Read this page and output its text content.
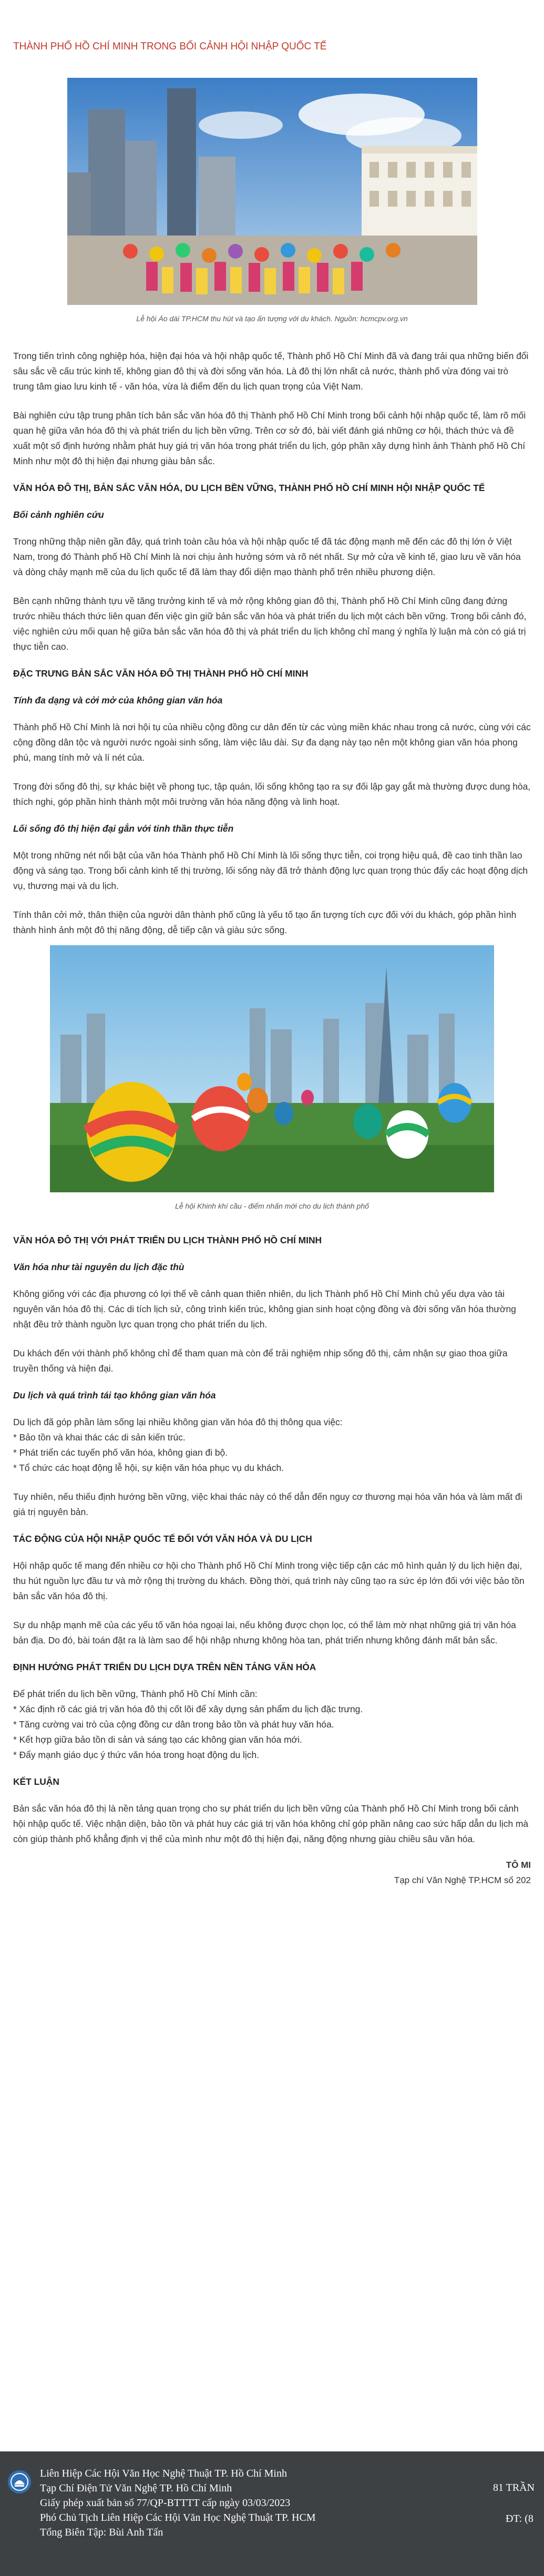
THÀNH PHỐ HỒ CHÍ MINH TRONG BỐI CẢNH HỘI NHẬP QUỐC TẾ

Lễ hội Áo dài TP.HCM thu hút và tạo ấn tượng với du khách. Nguồn: hcmcpv.org.vn

Trong tiến trình công nghiệp hóa, hiện đại hóa và hội nhập quốc tế, Thành phố Hồ Chí Minh đã và đang trải qua những biến đổi sâu sắc về cấu trúc kinh tế, không gian đô thị và đời sống văn hóa. Là đô thị lớn nhất cả nước, thành phố vừa đóng vai trò trung tâm giao lưu kinh tế - văn hóa, vừa là điểm đến du lịch quan trọng của Việt Nam.

Bài nghiên cứu tập trung phân tích bản sắc văn hóa đô thị Thành phố Hồ Chí Minh trong bối cảnh hội nhập quốc tế, làm rõ mối quan hệ giữa văn hóa đô thị và phát triển du lịch bền vững. Trên cơ sở đó, bài viết đánh giá những cơ hội, thách thức và đề xuất một số định hướng nhằm phát huy giá trị văn hóa trong phát triển du lịch, góp phần xây dựng hình ảnh Thành phố Hồ Chí Minh như một đô thị hiện đại nhưng giàu bản sắc.

VĂN HÓA ĐÔ THỊ, BẢN SẮC VĂN HÓA, DU LỊCH BỀN VỮNG, THÀNH PHỐ HỒ CHÍ MINH HỘI NHẬP QUỐC TẾ
Bối cảnh nghiên cứu

Trong những thập niên gần đây, quá trình toàn cầu hóa và hội nhập quốc tế đã tác động mạnh mẽ đến các đô thị lớn ở Việt Nam, trong đó Thành phố Hồ Chí Minh là nơi chịu ảnh hưởng sớm và rõ nét nhất. Sự mở cửa về kinh tế, giao lưu về văn hóa và dòng chảy mạnh mẽ của du lịch quốc tế đã làm thay đổi diện mạo thành phố trên nhiều phương diện.

Bên cạnh những thành tựu về tăng trưởng kinh tế và mở rộng không gian đô thị, Thành phố Hồ Chí Minh cũng đang đứng trước nhiều thách thức liên quan đến việc gìn giữ bản sắc văn hóa và phát triển du lịch một cách bền vững. Trong bối cảnh đó, việc nghiên cứu mối quan hệ giữa bản sắc văn hóa đô thị và phát triển du lịch không chỉ mang ý nghĩa lý luận mà còn có giá trị thực tiễn cao.

ĐẶC TRƯNG BẢN SẮC VĂN HÓA ĐÔ THỊ THÀNH PHỐ HỒ CHÍ MINH
Tính đa dạng và cởi mở của không gian văn hóa

Thành phố Hồ Chí Minh là nơi hội tụ của nhiều cộng đồng cư dân đến từ các vùng miền khác nhau trong cả nước, cùng với các cộng đồng dân tộc và người nước ngoài sinh sống, làm việc lâu dài. Sự đa dạng này tạo nên một không gian văn hóa phong phú, mang tính mở và lí nét của.

Trong đời sống đô thị, sự khác biệt về phong tục, tập quán, lối sống không tạo ra sự đối lập gay gắt mà thường được dung hòa, thích nghi, góp phần hình thành một môi trường văn hóa năng động và linh hoạt.

Lối sống đô thị hiện đại gắn với tinh thần thực tiễn

Một trong những nét nổi bật của văn hóa Thành phố Hồ Chí Minh là lối sống thực tiễn, coi trọng hiệu quả, đề cao tinh thần lao động và sáng tạo. Trong bối cảnh kinh tế thị trường, lối sống này đã trở thành động lực quan trọng thúc đẩy các hoạt động dịch vụ, thương mại và du lịch.

Tính thân cởi mở, thân thiện của người dân thành phố cũng là yếu tố tạo ấn tượng tích cực đối với du khách, góp phần hình thành hình ảnh một đô thị năng động, dễ tiếp cận và giàu sức sống.

Lễ hội Khinh khí cầu - điểm nhấn mới cho du lịch thành phố

VĂN HÓA ĐÔ THỊ VỚI PHÁT TRIỂN DU LỊCH THÀNH PHỐ HỒ CHÍ MINH
Văn hóa như tài nguyên du lịch đặc thù

Không giống với các địa phương có lợi thế về cảnh quan thiên nhiên, du lịch Thành phố Hồ Chí Minh chủ yếu dựa vào tài nguyên văn hóa đô thị. Các di tích lịch sử, công trình kiến trúc, không gian sinh hoạt cộng đồng và đời sống văn hóa thường nhật đều trở thành nguồn lực quan trọng cho phát triển du lịch.

Du khách đến với thành phố không chỉ để tham quan mà còn để trải nghiệm nhịp sống đô thị, cảm nhận sự giao thoa giữa truyền thống và hiện đại.

Du lịch và quá trình tái tạo không gian văn hóa

Du lịch đã góp phần làm sống lại nhiều không gian văn hóa đô thị thông qua việc:

* Bảo tồn và khai thác các di sản kiến trúc.

* Phát triển các tuyến phố văn hóa, không gian đi bộ.

* Tổ chức các hoạt động lễ hội, sự kiện văn hóa phục vụ du khách.

Tuy nhiên, nếu thiếu định hướng bền vững, việc khai thác này có thể dẫn đến nguy cơ thương mại hóa văn hóa và làm mất đi giá trị nguyên bản.

TÁC ĐỘNG CỦA HỘI NHẬP QUỐC TẾ ĐỐI VỚI VĂN HÓA VÀ DU LỊCH

Hội nhập quốc tế mang đến nhiều cơ hội cho Thành phố Hồ Chí Minh trong việc tiếp cận các mô hình quản lý du lịch hiện đại, thu hút nguồn lực đầu tư và mở rộng thị trường du khách. Đồng thời, quá trình này cũng tạo ra sức ép lớn đối với việc bảo tồn bản sắc văn hóa đô thị.

Sự du nhập mạnh mẽ của các yếu tố văn hóa ngoại lai, nếu không được chọn lọc, có thể làm mờ nhạt những giá trị văn hóa bản địa. Do đó, bài toán đặt ra là làm sao để hội nhập nhưng không hòa tan, phát triển nhưng không đánh mất bản sắc.

ĐỊNH HƯỚNG PHÁT TRIỂN DU LỊCH DỰA TRÊN NỀN TẢNG VĂN HÓA

Để phát triển du lịch bền vững, Thành phố Hồ Chí Minh cần:

* Xác định rõ các giá trị văn hóa đô thị cốt lõi để xây dựng sản phẩm du lịch đặc trưng.

* Tăng cường vai trò của cộng đồng cư dân trong bảo tồn và phát huy văn hóa.

* Kết hợp giữa bảo tồn di sản và sáng tạo các không gian văn hóa mới.

* Đẩy mạnh giáo dục ý thức văn hóa trong hoạt động du lịch.

KẾT LUẬN

Bản sắc văn hóa đô thị là nền tảng quan trọng cho sự phát triển du lịch bền vững của Thành phố Hồ Chí Minh trong bối cảnh hội nhập quốc tế. Việc nhận diện, bảo tồn và phát huy các giá trị văn hóa không chỉ góp phần nâng cao sức hấp dẫn du lịch mà còn giúp thành phố khẳng định vị thế của mình như một đô thị hiện đại, năng động nhưng giàu chiều sâu văn hóa.

TÔ MI

Tạp chí Văn Nghệ TP.HCM số 202

Liên Hiệp Các Hội Văn Học Nghệ Thuật TP. Hồ Chí Minh
Tạp Chí Điện Tử Văn Nghệ TP. Hồ Chí Minh
Giấy phép xuất bản số 77/QP-BTTTT cấp ngày 03/03/2023
Phó Chủ Tịch Liên Hiệp Các Hội Văn Học Nghệ Thuật TP. HCM
Tổng Biên Tập: Bùi Anh Tấn
81 TRẦN
ĐT: (8
